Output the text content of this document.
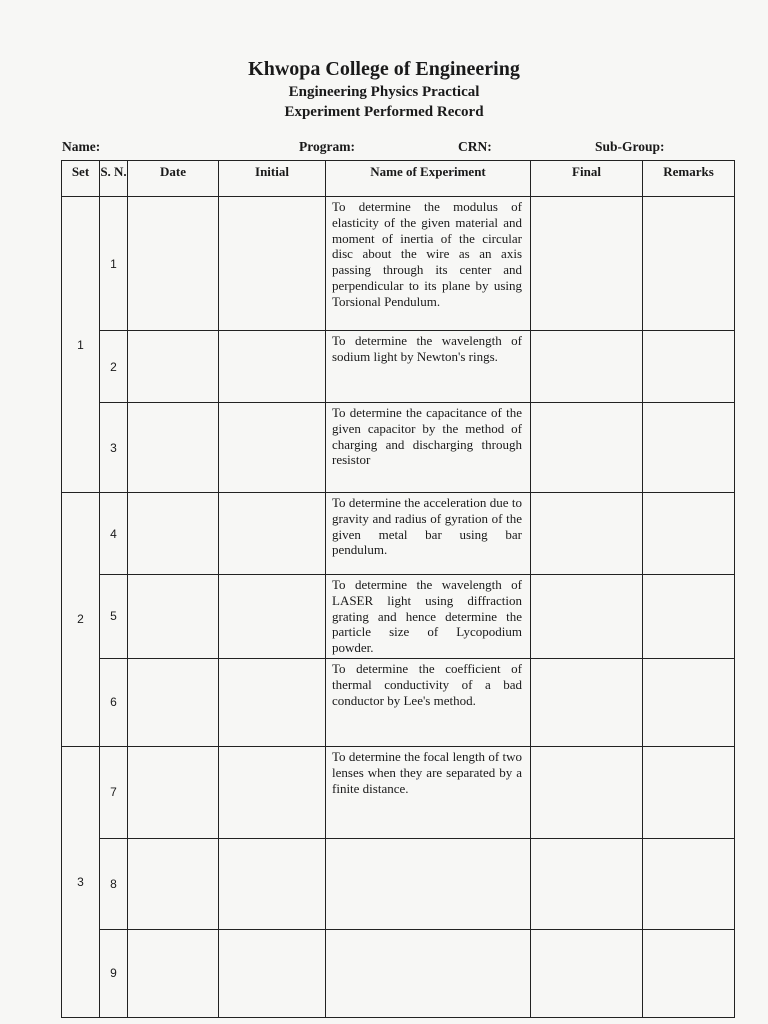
Khwopa College of Engineering
Engineering Physics Practical
Experiment Performed Record
Name:	Program:	CRN:	Sub-Group:
Set	S. N.	Date	Initial	Name of Experiment	Final	Remarks
1	1			To determine the modulus of elasticity of the given material and moment of inertia of the circular disc about the wire as an axis passing through its center and perpendicular to its plane by using Torsional Pendulum.		
	2			To determine the wavelength of sodium light by Newton's rings.		
	3			To determine the capacitance of the given capacitor by the method of charging and discharging through resistor		
2	4			To determine the acceleration due to gravity and radius of gyration of the given metal bar using bar pendulum.		
	5			To determine the wavelength of LASER light using diffraction grating and hence determine the particle size of Lycopodium powder.		
	6			To determine the coefficient of thermal conductivity of a bad conductor by Lee's method.		
3	7			To determine the focal length of two lenses when they are separated by a finite distance.		
	8					
	9					
